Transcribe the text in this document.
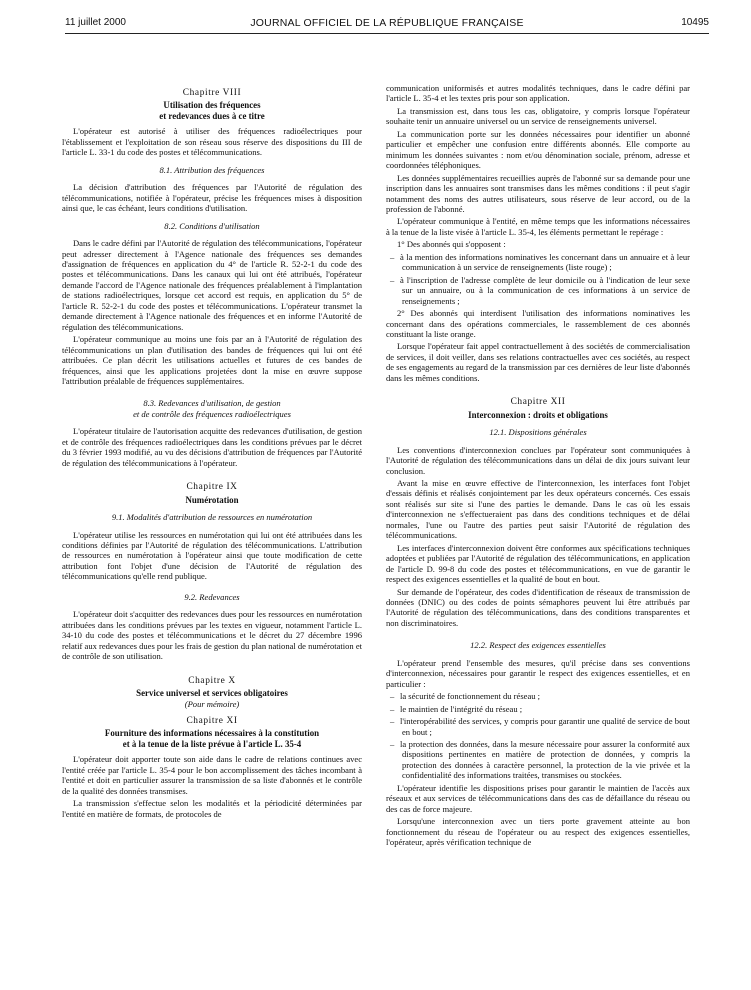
11 juillet 2000	JOURNAL OFFICIEL DE LA RÉPUBLIQUE FRANÇAISE	10495
Chapitre VIII
Utilisation des fréquences
et redevances dues à ce titre

L'opérateur est autorisé à utiliser des fréquences radioélectriques pour l'établissement et l'exploitation de son réseau sous réserve des dispositions du III de l'article L. 33-1 du code des postes et télécommunications.

8.1. Attribution des fréquences

La décision d'attribution des fréquences par l'Autorité de régulation des télécommunications, notifiée à l'opérateur, précise les fréquences mises à disposition ainsi que, le cas échéant, leurs conditions d'utilisation.

8.2. Conditions d'utilisation

Dans le cadre défini par l'Autorité de régulation des télécommunications, l'opérateur peut adresser directement à l'Agence nationale des fréquences ses demandes d'assignation de fréquences en application du 4° de l'article R. 52-2-1 du code des postes et télécommunications. Dans les canaux qui lui ont été attribués, l'opérateur demande l'accord de l'Agence nationale des fréquences préalablement à l'implantation de stations radioélectriques, lorsque cet accord est requis, en application du 5° de l'article R. 52-2-1 du code des postes et télécommunications. L'opérateur transmet la demande directement à l'Agence nationale des fréquences et en informe l'Autorité de régulation des télécommunications.

L'opérateur communique au moins une fois par an à l'Autorité de régulation des télécommunications un plan d'utilisation des bandes de fréquences qui lui ont été attribuées. Ce plan décrit les utilisations actuelles et futures de ces bandes de fréquences, ainsi que les applications projetées dont la mise en œuvre suppose l'attribution préalable de fréquences supplémentaires.

8.3. Redevances d'utilisation, de gestion
et de contrôle des fréquences radioélectriques

L'opérateur titulaire de l'autorisation acquitte des redevances d'utilisation, de gestion et de contrôle des fréquences radioélectriques dans les conditions prévues par le décret du 3 février 1993 modifié, au vu des décisions d'attribution de fréquences par l'Autorité de régulation des télécommunications à l'opérateur.

Chapitre IX
Numérotation
9.1. Modalités d'attribution de ressources en numérotation

L'opérateur utilise les ressources en numérotation qui lui ont été attribuées dans les conditions définies par l'Autorité de régulation des télécommunications. L'attribution de ressources en numérotation à l'opérateur ainsi que toute modification de cette attribution font l'objet d'une décision de l'Autorité de régulation des télécommunications qu'elle rend publique.

9.2. Redevances

L'opérateur doit s'acquitter des redevances dues pour les ressources en numérotation attribuées dans les conditions prévues par les textes en vigueur, notamment l'article L. 34-10 du code des postes et télécommunications et le décret du 27 décembre 1996 relatif aux redevances dues pour les frais de gestion du plan national de numérotation et de contrôle de son utilisation.

Chapitre X
Service universel et services obligatoires
(Pour mémoire)
Chapitre XI
Fourniture des informations nécessaires à la constitution
et à la tenue de la liste prévue à l'article L. 35-4

L'opérateur doit apporter toute son aide dans le cadre de relations continues avec l'entité créée par l'article L. 35-4 pour le bon accomplissement des tâches incombant à l'entité et doit en particulier assurer la transmission de sa liste d'abonnés et le contrôle de la qualité des données transmises.

La transmission s'effectue selon les modalités et la périodicité déterminées par l'entité en matière de formats, de protocoles de

communication uniformisés et autres modalités techniques, dans le cadre défini par l'article L. 35-4 et les textes pris pour son application.

La transmission est, dans tous les cas, obligatoire, y compris lorsque l'opérateur souhaite tenir un annuaire universel ou un service de renseignements universel.

La communication porte sur les données nécessaires pour identifier un abonné particulier et empêcher une confusion entre différents abonnés. Elle comporte au minimum les données suivantes : nom et/ou dénomination sociale, prénom, adresse et coordonnées téléphoniques.

Les données supplémentaires recueillies auprès de l'abonné sur sa demande pour une inscription dans les annuaires sont transmises dans les mêmes conditions : il peut s'agir notamment des noms des autres utilisateurs, sous réserve de leur accord, ou de la profession de l'abonné.

L'opérateur communique à l'entité, en même temps que les informations nécessaires à la tenue de la liste visée à l'article L. 35-4, les éléments permettant le repérage :

1° Des abonnés qui s'opposent :

– à la mention des informations nominatives les concernant dans un annuaire et à leur communication à un service de renseignements (liste rouge) ;

– à l'inscription de l'adresse complète de leur domicile ou à l'indication de leur sexe sur un annuaire, ou à la communication de ces informations à un service de renseignements ;

2° Des abonnés qui interdisent l'utilisation des informations nominatives les concernant dans des opérations commerciales, le rassemblement de ces abonnés constituant la liste orange.

Lorsque l'opérateur fait appel contractuellement à des sociétés de commercialisation de services, il doit veiller, dans ses relations contractuelles avec ces sociétés, au respect de ses engagements au regard de la transmission par ces dernières de leur liste d'abonnés dans les mêmes conditions.

Chapitre XII
Interconnexion : droits et obligations
12.1. Dispositions générales

Les conventions d'interconnexion conclues par l'opérateur sont communiquées à l'Autorité de régulation des télécommunications dans un délai de dix jours suivant leur conclusion.

Avant la mise en œuvre effective de l'interconnexion, les interfaces font l'objet d'essais définis et réalisés conjointement par les deux opérateurs concernés. Ces essais sont réalisés sur site si l'une des parties le demande. Dans le cas où les essais d'interconnexion ne s'effectueraient pas dans des conditions techniques et de délai normales, l'une ou l'autre des parties peut saisir l'Autorité de régulation des télécommunications.

Les interfaces d'interconnexion doivent être conformes aux spécifications techniques adoptées et publiées par l'Autorité de régulation des télécommunications, en application de l'article D. 99-8 du code des postes et télécommunications, en vue de garantir le respect des exigences essentielles et la qualité de bout en bout.

Sur demande de l'opérateur, des codes d'identification de réseaux de transmission de données (DNIC) ou des codes de points sémaphores peuvent lui être attribués par l'Autorité de régulation des télécommunications, dans des conditions transparentes et non discriminatoires.

12.2. Respect des exigences essentielles

L'opérateur prend l'ensemble des mesures, qu'il précise dans ses conventions d'interconnexion, nécessaires pour garantir le respect des exigences essentielles, et en particulier :

– la sécurité de fonctionnement du réseau ;

– le maintien de l'intégrité du réseau ;

– l'interopérabilité des services, y compris pour garantir une qualité de service de bout en bout ;

– la protection des données, dans la mesure nécessaire pour assurer la conformité aux dispositions pertinentes en matière de protection de données, y compris la protection des données à caractère personnel, la protection de la vie privée et la confidentialité des informations traitées, transmises ou stockées.

L'opérateur identifie les dispositions prises pour garantir le maintien de l'accès aux réseaux et aux services de télécommunications dans des cas de défaillance du réseau ou des cas de force majeure.

Lorsqu'une interconnexion avec un tiers porte gravement atteinte au bon fonctionnement du réseau de l'opérateur ou au respect des exigences essentielles, l'opérateur, après vérification technique de
